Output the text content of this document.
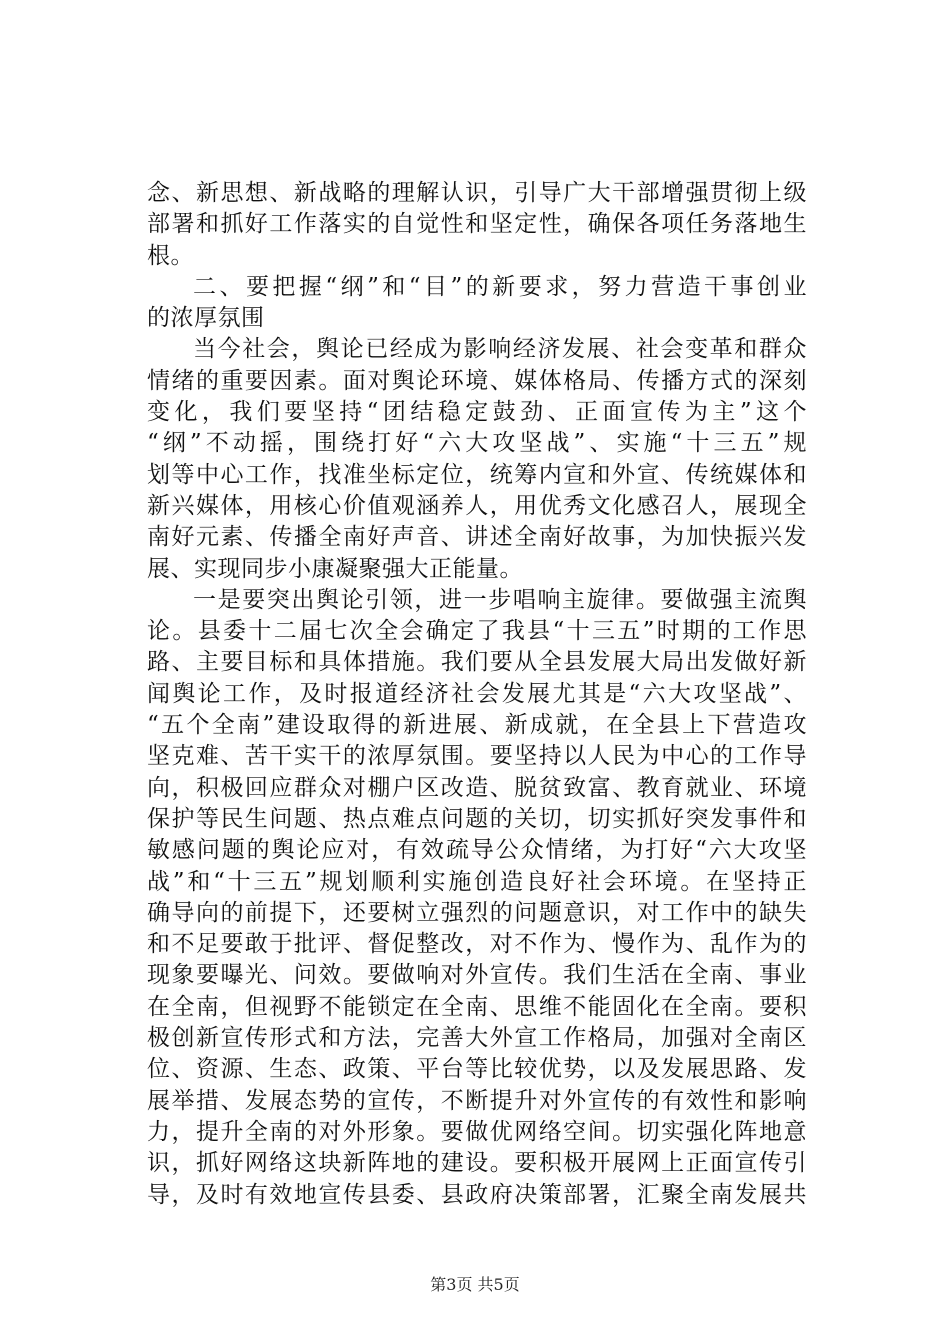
念、新思想、新战略的理解认识，引导广大干部增强贯彻上级
部署和抓好工作落实的自觉性和坚定性，确保各项任务落地生
根。
二、要把握“纲”和“目”的新要求，努力营造干事创业
的浓厚氛围
当今社会，舆论已经成为影响经济发展、社会变革和群众
情绪的重要因素。面对舆论环境、媒体格局、传播方式的深刻
变化，我们要坚持“团结稳定鼓劲、正面宣传为主”这个
“纲”不动摇，围绕打好“六大攻坚战”、实施“十三五”规
划等中心工作，找准坐标定位，统筹内宣和外宣、传统媒体和
新兴媒体，用核心价值观涵养人，用优秀文化感召人，展现全
南好元素、传播全南好声音、讲述全南好故事，为加快振兴发
展、实现同步小康凝聚强大正能量。
一是要突出舆论引领，进一步唱响主旋律。要做强主流舆
论。县委十二届七次全会确定了我县“十三五”时期的工作思
路、主要目标和具体措施。我们要从全县发展大局出发做好新
闻舆论工作，及时报道经济社会发展尤其是“六大攻坚战”、
“五个全南”建设取得的新进展、新成就，在全县上下营造攻
坚克难、苦干实干的浓厚氛围。要坚持以人民为中心的工作导
向，积极回应群众对棚户区改造、脱贫致富、教育就业、环境
保护等民生问题、热点难点问题的关切，切实抓好突发事件和
敏感问题的舆论应对，有效疏导公众情绪，为打好“六大攻坚
战”和“十三五”规划顺利实施创造良好社会环境。在坚持正
确导向的前提下，还要树立强烈的问题意识，对工作中的缺失
和不足要敢于批评、督促整改，对不作为、慢作为、乱作为的
现象要曝光、问效。要做响对外宣传。我们生活在全南、事业
在全南，但视野不能锁定在全南、思维不能固化在全南。要积
极创新宣传形式和方法，完善大外宣工作格局，加强对全南区
位、资源、生态、政策、平台等比较优势，以及发展思路、发
展举措、发展态势的宣传，不断提升对外宣传的有效性和影响
力，提升全南的对外形象。要做优网络空间。切实强化阵地意
识，抓好网络这块新阵地的建设。要积极开展网上正面宣传引
导，及时有效地宣传县委、县政府决策部署，汇聚全南发展共
第3页 共5页
